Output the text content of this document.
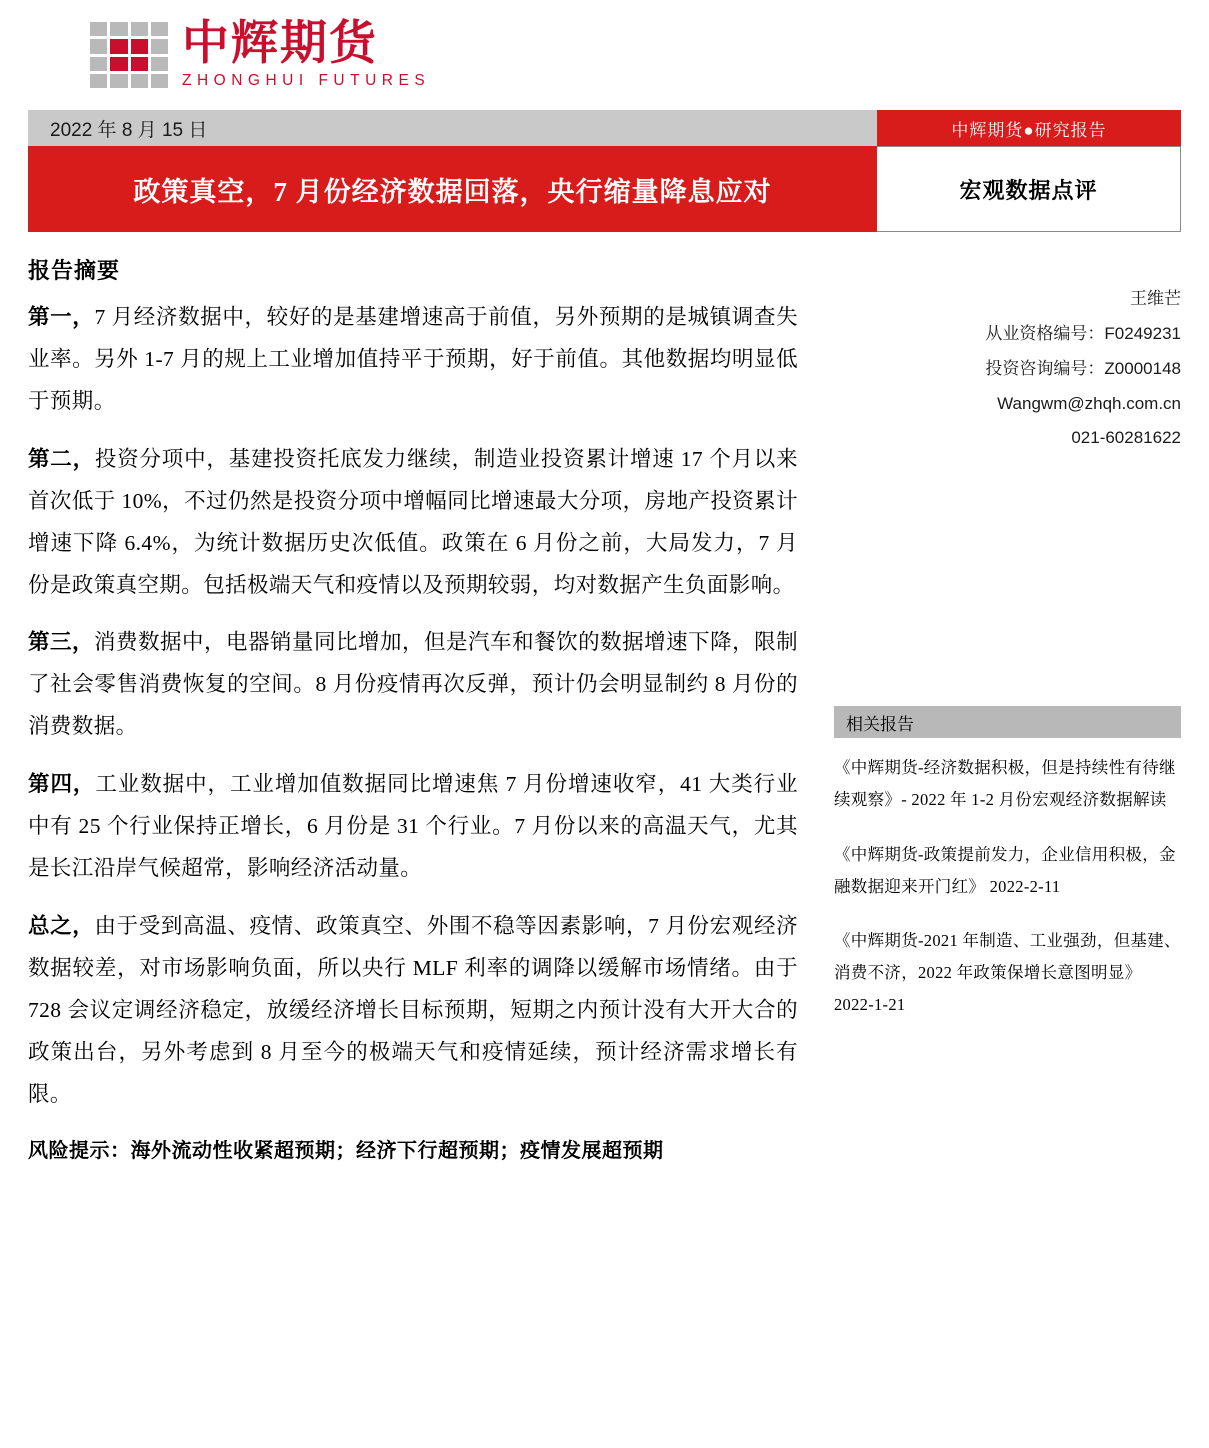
中辉期货
ZHONGHUI FUTURES
2022 年 8 月 15 日	中辉期货●研究报告
政策真空，7 月份经济数据回落，央行缩量降息应对	宏观数据点评
报告摘要

第一，7 月经济数据中，较好的是基建增速高于前值，另外预期的是城镇调查失业率。另外 1-7 月的规上工业增加值持平于预期，好于前值。其他数据均明显低于预期。

第二，投资分项中，基建投资托底发力继续，制造业投资累计增速 17 个月以来首次低于 10%，不过仍然是投资分项中增幅同比增速最大分项，房地产投资累计增速下降 6.4%，为统计数据历史次低值。政策在 6 月份之前，大局发力，7 月份是政策真空期。包括极端天气和疫情以及预期较弱，均对数据产生负面影响。

第三，消费数据中，电器销量同比增加，但是汽车和餐饮的数据增速下降，限制了社会零售消费恢复的空间。8 月份疫情再次反弹，预计仍会明显制约 8 月份的消费数据。

第四，工业数据中，工业增加值数据同比增速焦 7 月份增速收窄，41 大类行业中有 25 个行业保持正增长，6 月份是 31 个行业。7 月份以来的高温天气，尤其是长江沿岸气候超常，影响经济活动量。

总之，由于受到高温、疫情、政策真空、外围不稳等因素影响，7 月份宏观经济数据较差，对市场影响负面，所以央行 MLF 利率的调降以缓解市场情绪。由于 728 会议定调经济稳定，放缓经济增长目标预期，短期之内预计没有大开大合的政策出台，另外考虑到 8 月至今的极端天气和疫情延续，预计经济需求增长有限。

风险提示：海外流动性收紧超预期；经济下行超预期；疫情发展超预期
王维芒
从业资格编号：F0249231
投资咨询编号：Z0000148
Wangwm@zhqh.com.cn
021-60281622
相关报告
《中辉期货-经济数据积极，但是持续性有待继续观察》- 2022 年 1-2 月份宏观经济数据解读
《中辉期货-政策提前发力，企业信用积极，金融数据迎来开门红》 2022-2-11
《中辉期货-2021 年制造、工业强劲，但基建、消费不济，2022 年政策保增长意图明显》 2022-1-21
